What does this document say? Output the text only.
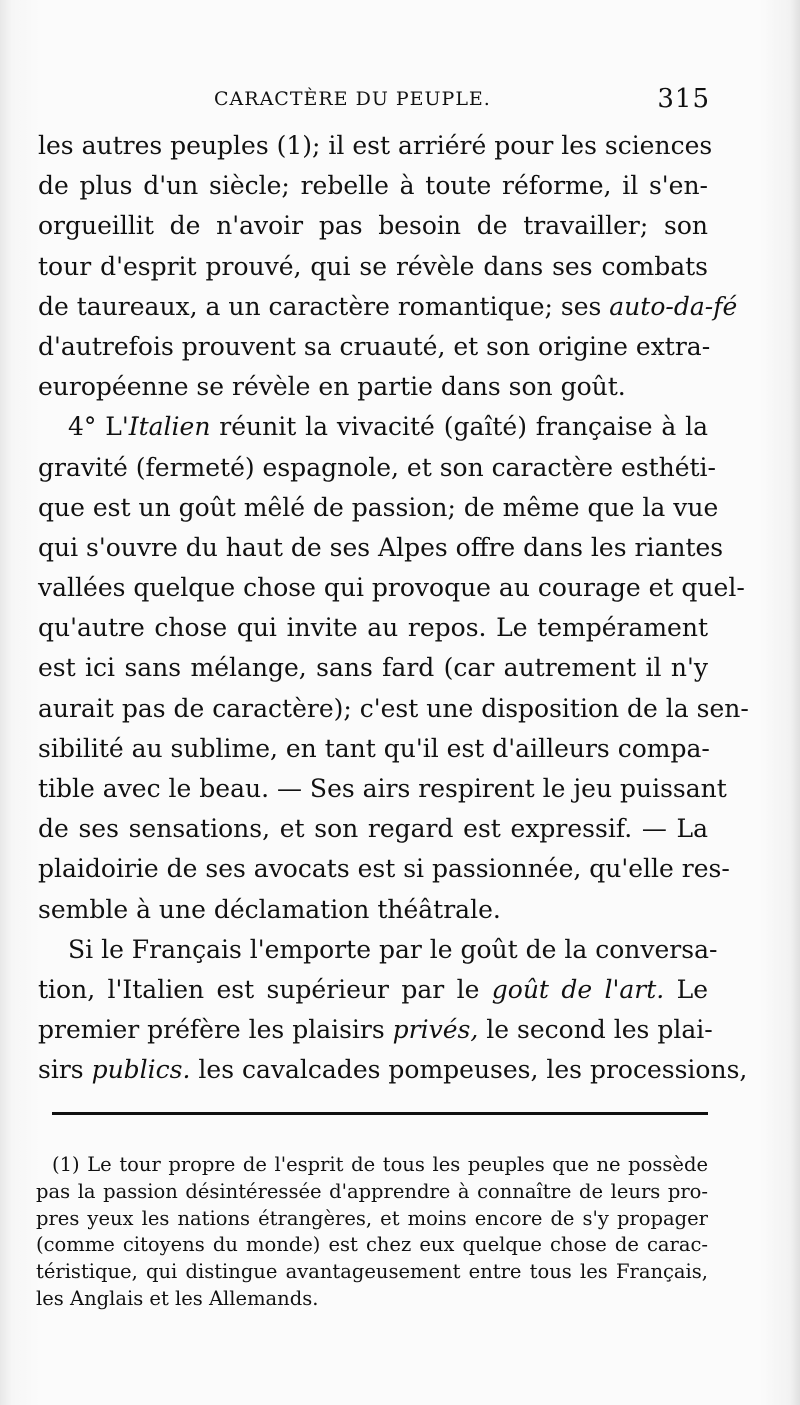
CARACTÈRE DU PEUPLE.	315
les autres peuples (1); il est arriéré pour les sciences
de plus d'un siècle; rebelle à toute réforme, il s'en-
orgueillit de n'avoir pas besoin de travailler; son
tour d'esprit prouvé, qui se révèle dans ses combats
de taureaux, a un caractère romantique; ses auto-da-fé
d'autrefois prouvent sa cruauté, et son origine extra-
européenne se révèle en partie dans son goût.
4° L'Italien réunit la vivacité (gaîté) française à la
gravité (fermeté) espagnole, et son caractère esthéti-
que est un goût mêlé de passion; de même que la vue
qui s'ouvre du haut de ses Alpes offre dans les riantes
vallées quelque chose qui provoque au courage et quel-
qu'autre chose qui invite au repos. Le tempérament
est ici sans mélange, sans fard (car autrement il n'y
aurait pas de caractère); c'est une disposition de la sen-
sibilité au sublime, en tant qu'il est d'ailleurs compa-
tible avec le beau. — Ses airs respirent le jeu puissant
de ses sensations, et son regard est expressif. — La
plaidoirie de ses avocats est si passionnée, qu'elle res-
semble à une déclamation théâtrale.
Si le Français l'emporte par le goût de la conversa-
tion, l'Italien est supérieur par le goût de l'art. Le
premier préfère les plaisirs privés, le second les plai-
sirs publics. les cavalcades pompeuses, les processions,
(1) Le tour propre de l'esprit de tous les peuples que ne possède
pas la passion désintéressée d'apprendre à connaître de leurs pro-
pres yeux les nations étrangères, et moins encore de s'y propager
(comme citoyens du monde) est chez eux quelque chose de carac-
téristique, qui distingue avantageusement entre tous les Français,
les Anglais et les Allemands.
